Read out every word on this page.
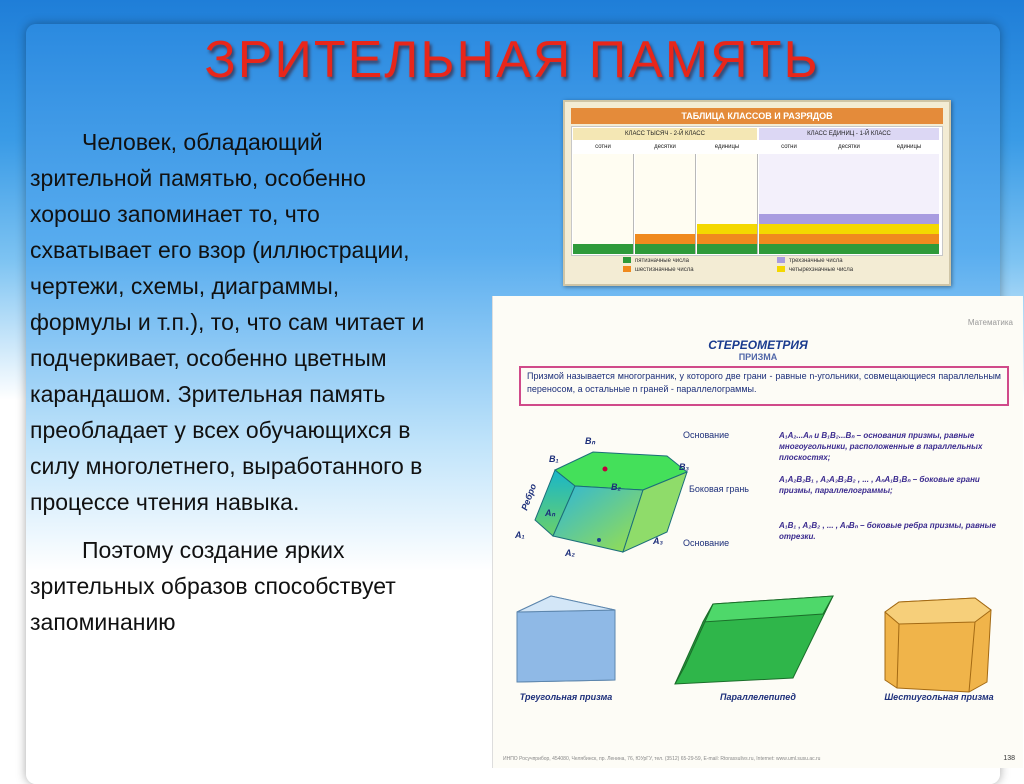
ЗРИТЕЛЬНАЯ ПАМЯТЬ

Человек, обладающий зрительной памятью, особенно хорошо запоминает то, что схватывает его взор (иллюстрации, чертежи, схемы, диаграммы, формулы и т.п.), то, что сам читает и подчеркивает, особенно цветным карандашом. Зрительная память преобладает у всех обучающихся в силу многолетнего, выработанного в процессе чтения навыка.

Поэтому создание ярких зрительных образов способствует запоминанию

ТАБЛИЦА КЛАССОВ И РАЗРЯДОВ
КЛАСС ТЫСЯЧ - 2-Й КЛАСС	КЛАСС ЕДИНИЦ - 1-Й КЛАСС
сотни	десятки	единицы	сотни	десятки	единицы
пятизначные числа
шестизначные числа
трехзначные числа
четырехзначные числа
Математика
СТЕРЕОМЕТРИЯ
ПРИЗМА
Призмой называется многогранник, у которого две грани - равные n-угольники, совмещающиеся параллельным переносом, а остальные n граней - параллелограммы.
B₁
Bₙ
B₂
B₃
A₁
Aₙ
A₂
A₃
Ребро
Основание
Боковая грань
Основание
A₁A₂...Aₙ и B₁B₂...Bₙ – основания призмы, равные многоугольники, расположенные в параллельных плоскостях;
A₁A₂B₂B₁ , A₂A₃B₃B₂ , ... , AₙA₁B₁Bₙ – боковые грани призмы, параллелограммы;
A₁B₁ , A₂B₂ , ... , AₙBₙ – боковые ребра призмы, равные отрезки.
Треугольная призма	Параллелепипед	Шестиугольная призма
ИНПО Росучприбор, 454080, Челябинск, пр. Ленина, 76, ЮУрГУ, тел. (3512) 65-29-59, E-mail: Rtorassulivs.ru, Internet: www.uml.susu.ac.ru	138
